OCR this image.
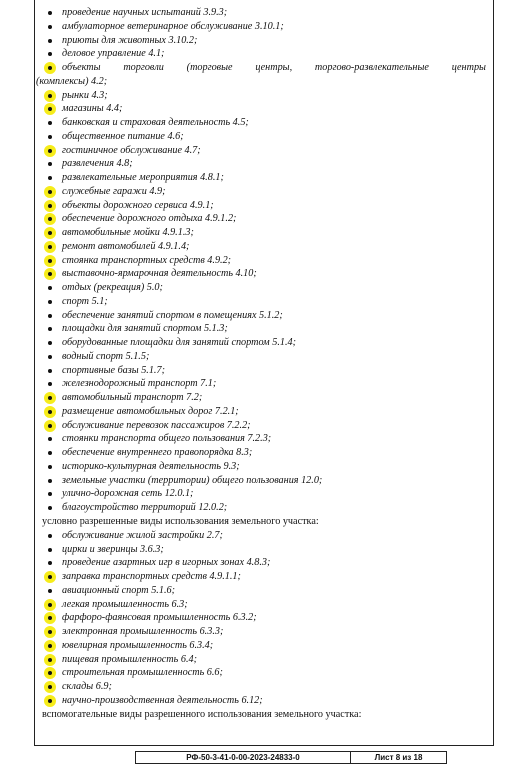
проведение научных испытаний 3.9.3;
амбулаторное ветеринарное обслуживание 3.10.1;
приюты для животных 3.10.2;
деловое управление 4.1;
объекты торговли (торговые центры, торгово-развлекательные центры
(комплексы) 4.2;
рынки 4.3;
магазины 4.4;
банковская и страховая деятельность 4.5;
общественное питание 4.6;
гостиничное обслуживание 4.7;
развлечения 4.8;
развлекательные мероприятия 4.8.1;
служебные гаражи 4.9;
объекты дорожного сервиса 4.9.1;
обеспечение дорожного отдыха 4.9.1.2;
автомобильные мойки 4.9.1.3;
ремонт автомобилей 4.9.1.4;
стоянка транспортных средств 4.9.2;
выставочно-ярмарочная деятельность 4.10;
отдых (рекреация) 5.0;
спорт 5.1;
обеспечение занятий спортом в помещениях 5.1.2;
площадки для занятий спортом 5.1.3;
оборудованные площадки для занятий спортом 5.1.4;
водный спорт 5.1.5;
спортивные базы 5.1.7;
железнодорожный транспорт 7.1;
автомобильный транспорт 7.2;
размещение автомобильных дорог 7.2.1;
обслуживание перевозок пассажиров 7.2.2;
стоянки транспорта общего пользования 7.2.3;
обеспечение внутреннего правопорядка 8.3;
историко-культурная деятельность 9.3;
земельные участки (территории) общего пользования 12.0;
улично-дорожная сеть 12.0.1;
благоустройство территорий 12.0.2;
условно разрешенные виды использования земельного участка:
обслуживание жилой застройки 2.7;
цирки и зверинцы 3.6.3;
проведение азартных игр в игорных зонах 4.8.3;
заправка транспортных средств 4.9.1.1;
авиационный спорт 5.1.6;
легкая промышленность 6.3;
фарфоро-фаянсовая промышленность 6.3.2;
электронная промышленность 6.3.3;
ювелирная промышленность 6.3.4;
пищевая промышленность 6.4;
строительная промышленность 6.6;
склады 6.9;
научно-производственная деятельность 6.12;
вспомогательные виды разрешенного использования земельного участка:
РФ-50-3-41-0-00-2023-24833-0	Лист 8 из 18
